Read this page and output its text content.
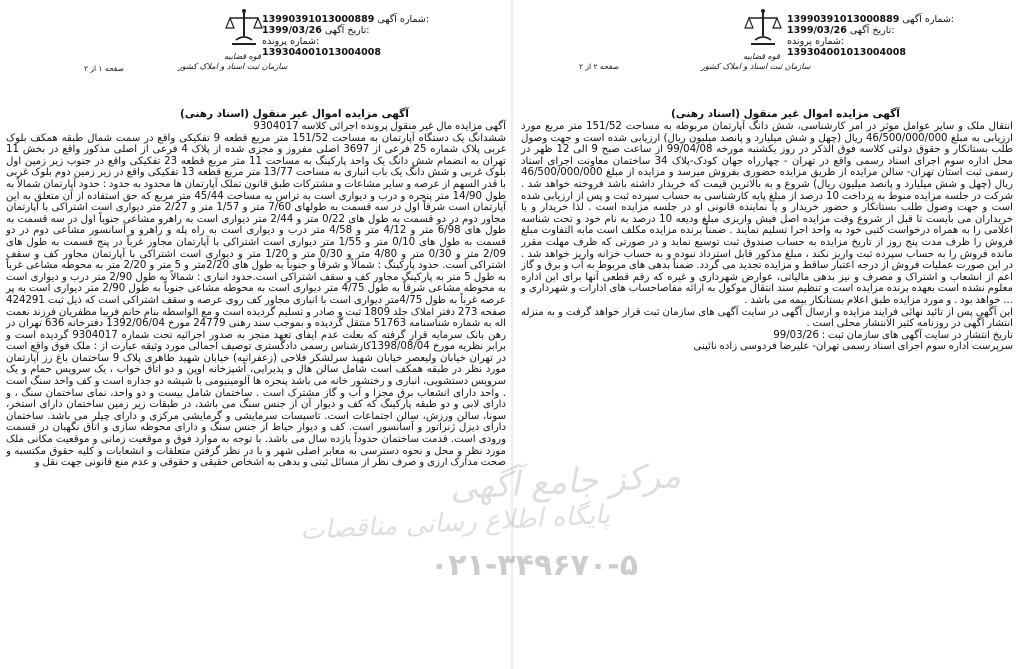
13990391013000889 شماره آگهی:
1399/03/26 تاریخ آگهی:
شماره پرونده:
139304001013004008
قوه قضاییه
سازمان ثبت اسناد و املاک کشور
صفحه ۱ از ۲
آگهی مزایده اموال غیر منقول (اسناد رهنی)

آگهی مزایده مال غیر منقول پرونده اجرائی کلاسه 9304017

ششدانگ یک دستگاه آپارتمان به مساحت 151/52 متر مربع قطعه 9 تفکیکی واقع در سمت شمال طبقه همکف بلوک غربی پلاک شماره 25 فرعی از 3697 اصلی مفروز و مجزی شده از پلاک 4 فرعی از اصلی مذکور واقع در بخش 11 تهران به انضمام شش دانگ یک واحد پارکینگ به مساحت 11 متر مربع قطعه 23 تفکیکی واقع در جنوب زیر زمین اول بلوک غربی و شش دانگ یک باب انباری به مساحت 13/77 متر مربع قطعه 13 تفکیکی واقع در زیر زمین دوم بلوک غربی با قدر السهم از عرصه و سایر مشاعات و مشترکات طبق قانون تملک آپارتمان ها محدود به حدود : حدود آپارتمان شمالاً به طول 14/90 متر پنجره و درب و دیواری است به تراس به مساحت 45/44 متر مربع که حق استفاده از آن متعلق به این آپارتمان است شرقاً اول در سه قسمت به طولهای 7/60 متر و 1/57 متر و 2/27 متر دیواری است اشتراکی با آپارتمان مجاور دوم در دو قسمت به طول های 0/22 متر و 2/44 متر دیواری است به راهرو مشاعی جنوباً اول در سه قسمت به طول های 6/98 متر و 4/12 متر و 4/58 متر درب و دیواری است به راه پله و راهرو و آسانسور مشاعی دوم در دو قسمت به طول های 0/10 متر و 1/55 متر دیواری است اشتراکی با آپارتمان مجاور غرباً در پنج قسمت به طول های 2/09 متر و 0/30 متر و 4/80 متر و 0/30 متر و 1/20 متر و دیواری است اشتراکی با آپارتمان مجاور کف و سقف اشتراکی است. حدود پارکینگ : شمالاً و شرقاً و جنوباً به طول های 2/20متر و 5 متر و 2/20 متر به محوطه مشاعی غرباً به طول 5 متر به پارکینگ مجاور کف و سقف اشتراکی است.حدود انباری : شمالاً به طول 2/90 متر درب و دیواری است به محوطه مشاعی شرقاً به طول 4/75 متر دیواری است به محوطه مشاعی جنوباً به طول 2/90 متر دیواری است به پر عرصه غرباً به طول 4/75متر دیواری است با انباری مجاور کف روی عرصه و سقف اشتراکی است که ذیل ثبت 424291 صفحه 273 دفتر املاک جلد 1809 ثبت و صادر و تسلیم گردیده است و مع الواسطه بنام خانم فریبا مظفریان فرزند نعمت اله به شماره شناسنامه 51763 منتقل گردیده و بموجب سند رهنی 24779 مورخ 1392/06/04 دفترخانه 636 تهران در رهن بانک سرمایه قرار گرفته که بعلت عدم ایفای تعهد منجر به صدور اجرائیه تحت شماره 9304017 گردیده است و برابر نظریه مورخ 1398/08/04کارشناس رسمی دادگستری توصیف اجمالی مورد وثیقه عبارت از : ملک فوق واقع است در تهران خیابان ولیعصر خیابان شهید سرلشکر فلاحی (زعفرانیه) خیابان شهید طاهری پلاک 9 ساختمان باغ رز آپارتمان مورد نظر در طبقه همکف است شامل سالن هال و پذیرایی، آشپزخانه اوپن و دو اتاق خواب ، یک سرویس حمام و یک سرویس دستشویی، انباری و رختشور خانه می باشد پنجره ها آلومینیومی با شیشه دو جداره است و کف واحد سنگ است . واحد دارای انشعاب برق مجزا و آب و گاز مشترک است . ساختمان شامل بیست و دو واحد، نمای ساختمان سنگ ، و دارای لابی و دو طبقه پارکینگ که کف و دیوار آن از جنس سنگ می باشد، در طبقات زیر زمین ساختمان دارای استخر، سونا، سالن ورزش، سالن اجتماعات است. تاسیسات سرمایشی و گرمایشی مرکزی و دارای چیلر می باشد. ساختمان دارای دیزل ژنراتور و آسانسور است. کف و دیوار حیاط از جنس سنگ و دارای محوطه سازی و اتاق نگهبان در قسمت ورودی است. قدمت ساختمان حدوداً یازده سال می باشد. با توجه به موارد فوق و موقعیت زمانی و موقعیت مکانی ملک مورد نظر و محل و نحوه دسترسی به معابر اصلی شهر و با در نظر گرفتن متعلقات و انشعابات و کلیه حقوق مکتسبه و صحت مدارک ارزی و صرف نظر از مسائل ثبتی و بدهی به اشخاص حقیقی و حقوقی و عدم منع قانونی جهت نقل و

13990391013000889 شماره آگهی:
1399/03/26 تاریخ آگهی:
شماره پرونده:
139304001013004008
قوه قضاییه
سازمان ثبت اسناد و املاک کشور
صفحه ۲ از ۲
آگهی مزایده اموال غیر منقول (اسناد رهنی)

انتقال ملک و سایر عوامل موثر در امر کارشناسی، شش دانگ آپارتمان مربوطه به مساحت 151/52 متر مربع مورد ارزیابی به مبلغ 46/500/000/000 ریال (چهل و شش میلیارد و پانصد میلیون ریال) ارزیابی شده است و جهت وصول طلب بستانکار و حقوق دولتی کلاسه فوق الذکر در روز یکشنبه مورخه 99/04/08 از ساعت صبح 9 الی 12 ظهر در محل اداره سوم اجرای اسناد رسمی واقع در تهران - چهارراه جهان کودک-پلاک 34 ساختمان معاونت اجرای اسناد رسمی ثبت استان تهران- سالن مزایده از طریق مزایده حضوری بفروش میرسد و مزایده از مبلغ 46/500/000/000 ریال (چهل و شش میلیارد و پانصد میلیون ریال) شروع و به بالاترین قیمت که خریدار داشته باشد فروخته خواهد شد . شرکت در جلسه مزایده منوط به پرداخت 10 درصد از مبلغ پایه کارشناسی به حساب سپرده ثبت و پس از ارزیابی شده است و جهت وصول طلب بستانکار و حضور خریدار و یا نماینده قانونی او در جلسه مزایده است . لذا خریدار و یا خریداران می بایست تا قبل از شروع وقت مزایده اصل فیش واریزی مبلغ ودیعه 10 درصد به نام خود و تحت شناسه اعلامی را به همراه درخواست کتبی خود به واحد اجرا تسلیم نمایند . ضمناً برنده مزایده مکلف است مابه التفاوت مبلغ فروش را ظرف مدت پنج روز از تاریخ مزایده به حساب صندوق ثبت توسیع نماید و در صورتی که ظرف مهلت مقرر مانده فروش را به حساب سپرده ثبت واریز نکند ، مبلغ مذکور قابل استرداد نبوده و به حساب خزانه واریز خواهد شد . در این صورت عملیات فروش از درجه اعتبار ساقط و مزایده تجدید می گردد. ضمناً بدهی های مربوط به آب و برق و گاز اعم از انشعاب و اشتراک و مصرف و نیز بدهی مالیاتی، عوارض شهرداری و غیره که رقم قطعی آنها برای این اداره معلوم نشده است بعهده برنده مزایده است و تنظیم سند انتقال موکول به ارائه مفاصاحساب های ادارات و شهرداری و ... خواهد بود . و مورد مزایده طبق اعلام بستانکار بیمه می باشد .

این آگهی پس از تائید نهائی فرایند مزایده و ارسال آگهی در سایت آگهی های سازمان ثبت قرار خواهد گرفت و به منزله انتشار آگهی در روزنامه کثیر الانتشار محلی است .

تاریخ انتشار در سایت آگهی های سازمان ثبت : 99/03/26

سرپرست اداره سوم اجرای اسناد رسمی تهران- علیرضا فردوسی زاده نائینی

مرکز جامع آگهی
پایگاه اطلاع رسانی مناقصات
۰۲۱-۳۴۹۶۷۰-۵
